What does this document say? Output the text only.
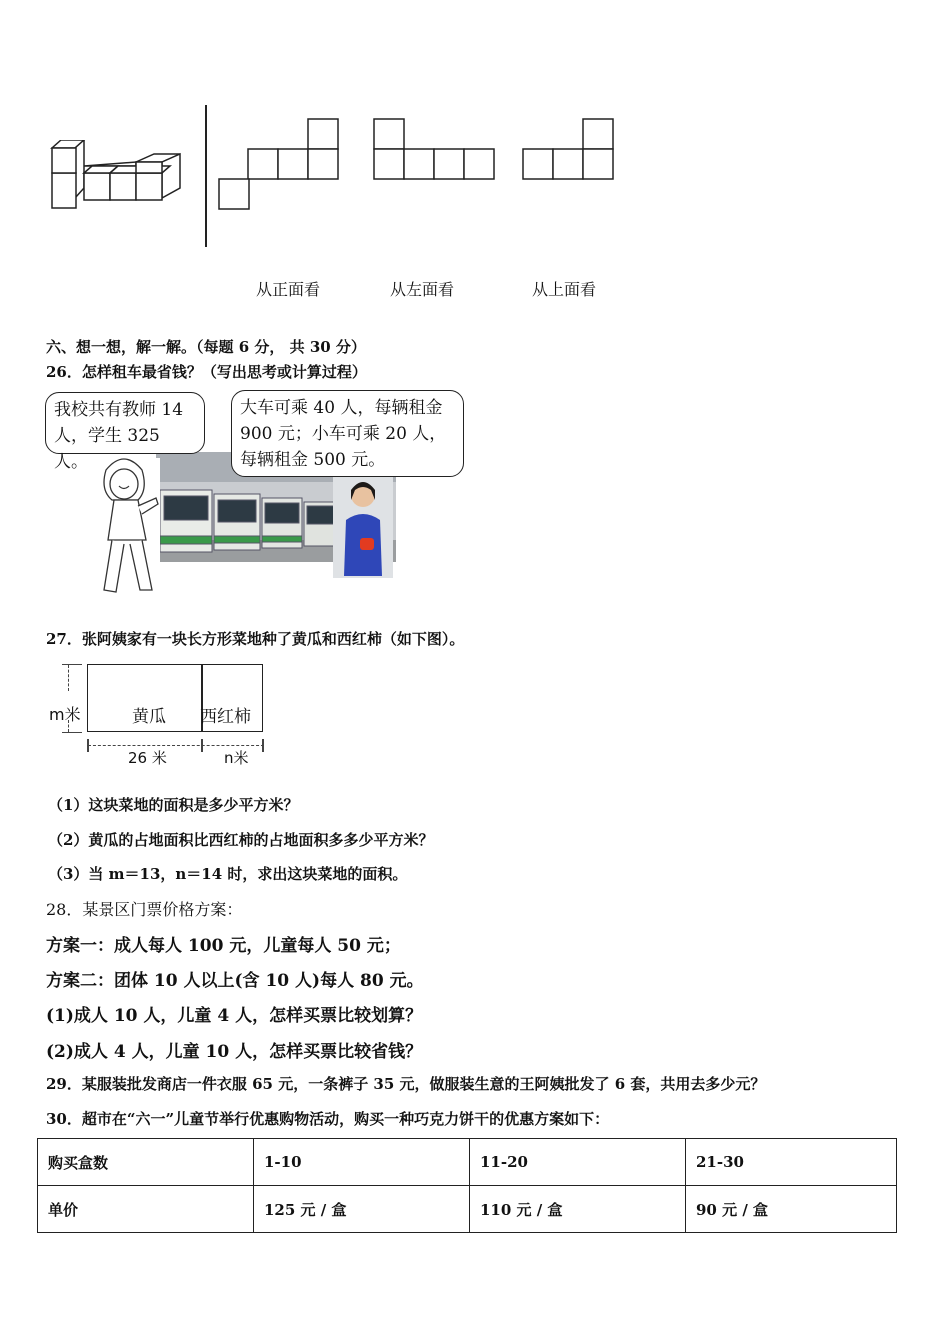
从正面看	从左面看	从上面看
六、想一想，解一解。（每题 6 分， 共 30 分）
26．怎样租车最省钱？（写出思考或计算过程）
我校共有教师 14 人，学生 325 人。
大车可乘 40 人，每辆租金 900 元；小车可乘 20 人，每辆租金 500 元。
27．张阿姨家有一块长方形菜地种了黄瓜和西红柿（如下图）。
黄瓜 西红柿
m米
26 米	n米
（1）这块菜地的面积是多少平方米？
（2）黄瓜的占地面积比西红柿的占地面积多多少平方米？
（3）当 m＝13，n＝14 时，求出这块菜地的面积。
28．某景区门票价格方案：
方案一：成人每人 100 元，儿童每人 50 元；
方案二：团体 10 人以上(含 10 人)每人 80 元。
(1)成人 10 人，儿童 4 人，怎样买票比较划算？
(2)成人 4 人，儿童 10 人，怎样买票比较省钱？
29．某服装批发商店一件衣服 65 元，一条裤子 35 元，做服装生意的王阿姨批发了 6 套，共用去多少元？
30．超市在“六一”儿童节举行优惠购物活动，购买一种巧克力饼干的优惠方案如下：
购买盒数	1-10	11-20	21-30
单价	125 元 / 盒	110 元 / 盒	90 元 / 盒
